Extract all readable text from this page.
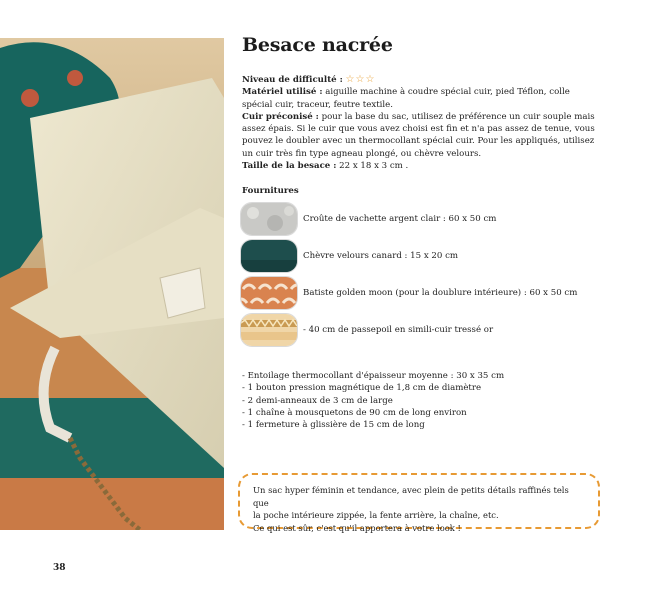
Besace nacrée
Niveau de difficulté : ☆☆☆
Matériel utilisé : aiguille machine à coudre spécial cuir, pied Téflon, colle spécial cuir, traceur, feutre textile.
Cuir préconisé : pour la base du sac, utilisez de préférence un cuir souple mais assez épais. Si le cuir que vous avez choisi est fin et n'a pas assez de tenue, vous pouvez le doubler avec un thermocollant spécial cuir. Pour les appliqués, utilisez un cuir très fin type agneau plongé, ou chèvre velours.
Taille de la besace : 22 x 18 x 3 cm .
Fournitures
Croûte de vachette argent clair : 60 x 50 cm
Chèvre velours canard : 15 x 20 cm
Batiste golden moon (pour la doublure intérieure) : 60 x 50 cm
- 40 cm de passepoil en simili-cuir tressé or
- Entoilage thermocollant d'épaisseur moyenne : 30 x 35 cm
- 1 bouton pression magnétique de 1,8 cm de diamètre
- 2 demi-anneaux de 3 cm de large
- 1 chaîne à mousquetons de 90 cm de long environ
- 1 fermeture à glissière de 15 cm de long
Un sac hyper féminin et tendance, avec plein de petits détails raffinés tels que
la poche intérieure zippée, la fente arrière, la chaîne, etc.
Ce qui est sûr, c'est qu'il apportera à votre look !
38
